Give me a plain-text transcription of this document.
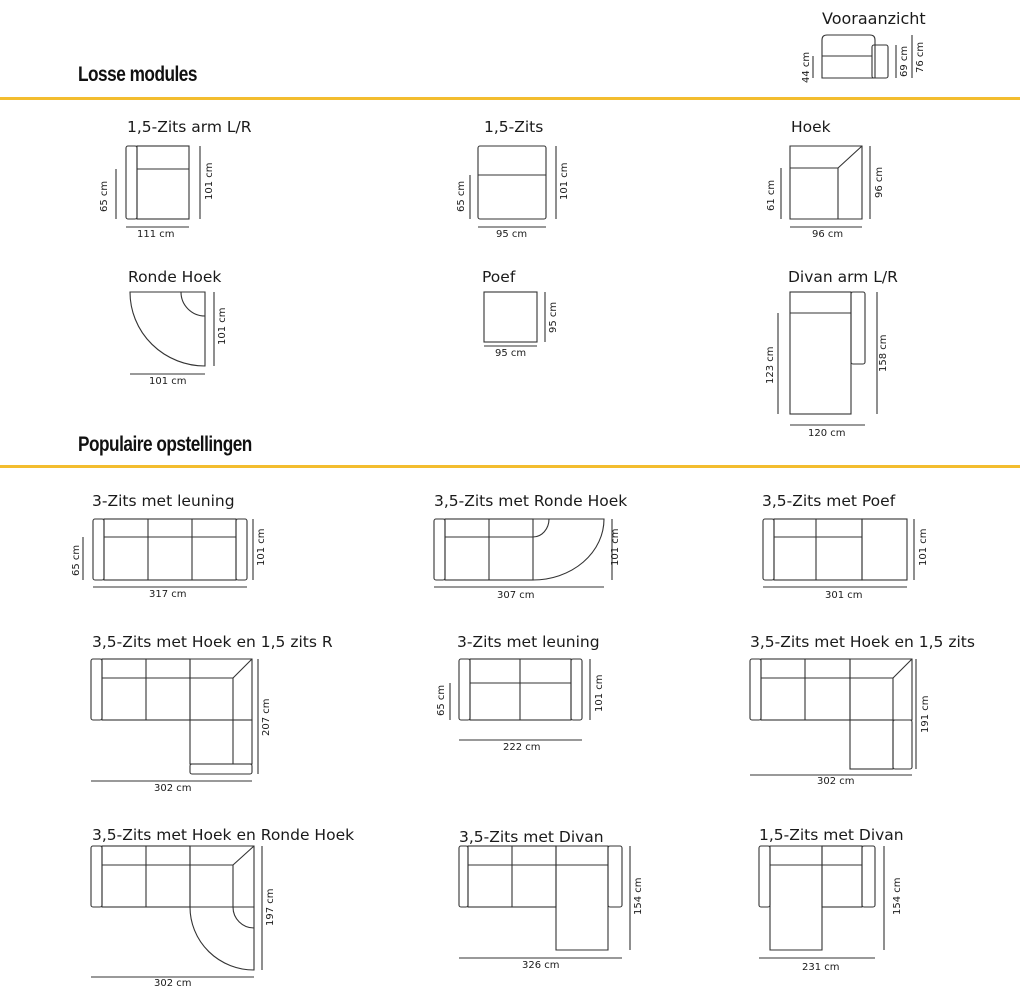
Losse modules
Populaire opstellingen
Vooraanzicht
44 cm	69 cm 76 cm
1,5-Zits arm L/R
65 cm	101 cm
111 cm
1,5-Zits
65 cm	101 cm
95 cm
Hoek
61 cm	96 cm
96 cm
Ronde Hoek
101 cm
101 cm
Poef
95 cm
95 cm
Divan arm L/R
123 cm	158 cm
120 cm
3-Zits met leuning
65 cm	101 cm
317 cm
3,5-Zits met Ronde Hoek
101 cm
307 cm
3,5-Zits met Poef
101 cm
301 cm
3,5-Zits met Hoek en 1,5 zits R
207 cm
302 cm
3-Zits met leuning
65 cm	101 cm
222 cm
3,5-Zits met Hoek en 1,5 zits
191 cm
302 cm
3,5-Zits met Hoek en Ronde Hoek
197 cm
302 cm
3,5-Zits met Divan
154 cm
326 cm
1,5-Zits met Divan
154 cm
231 cm
